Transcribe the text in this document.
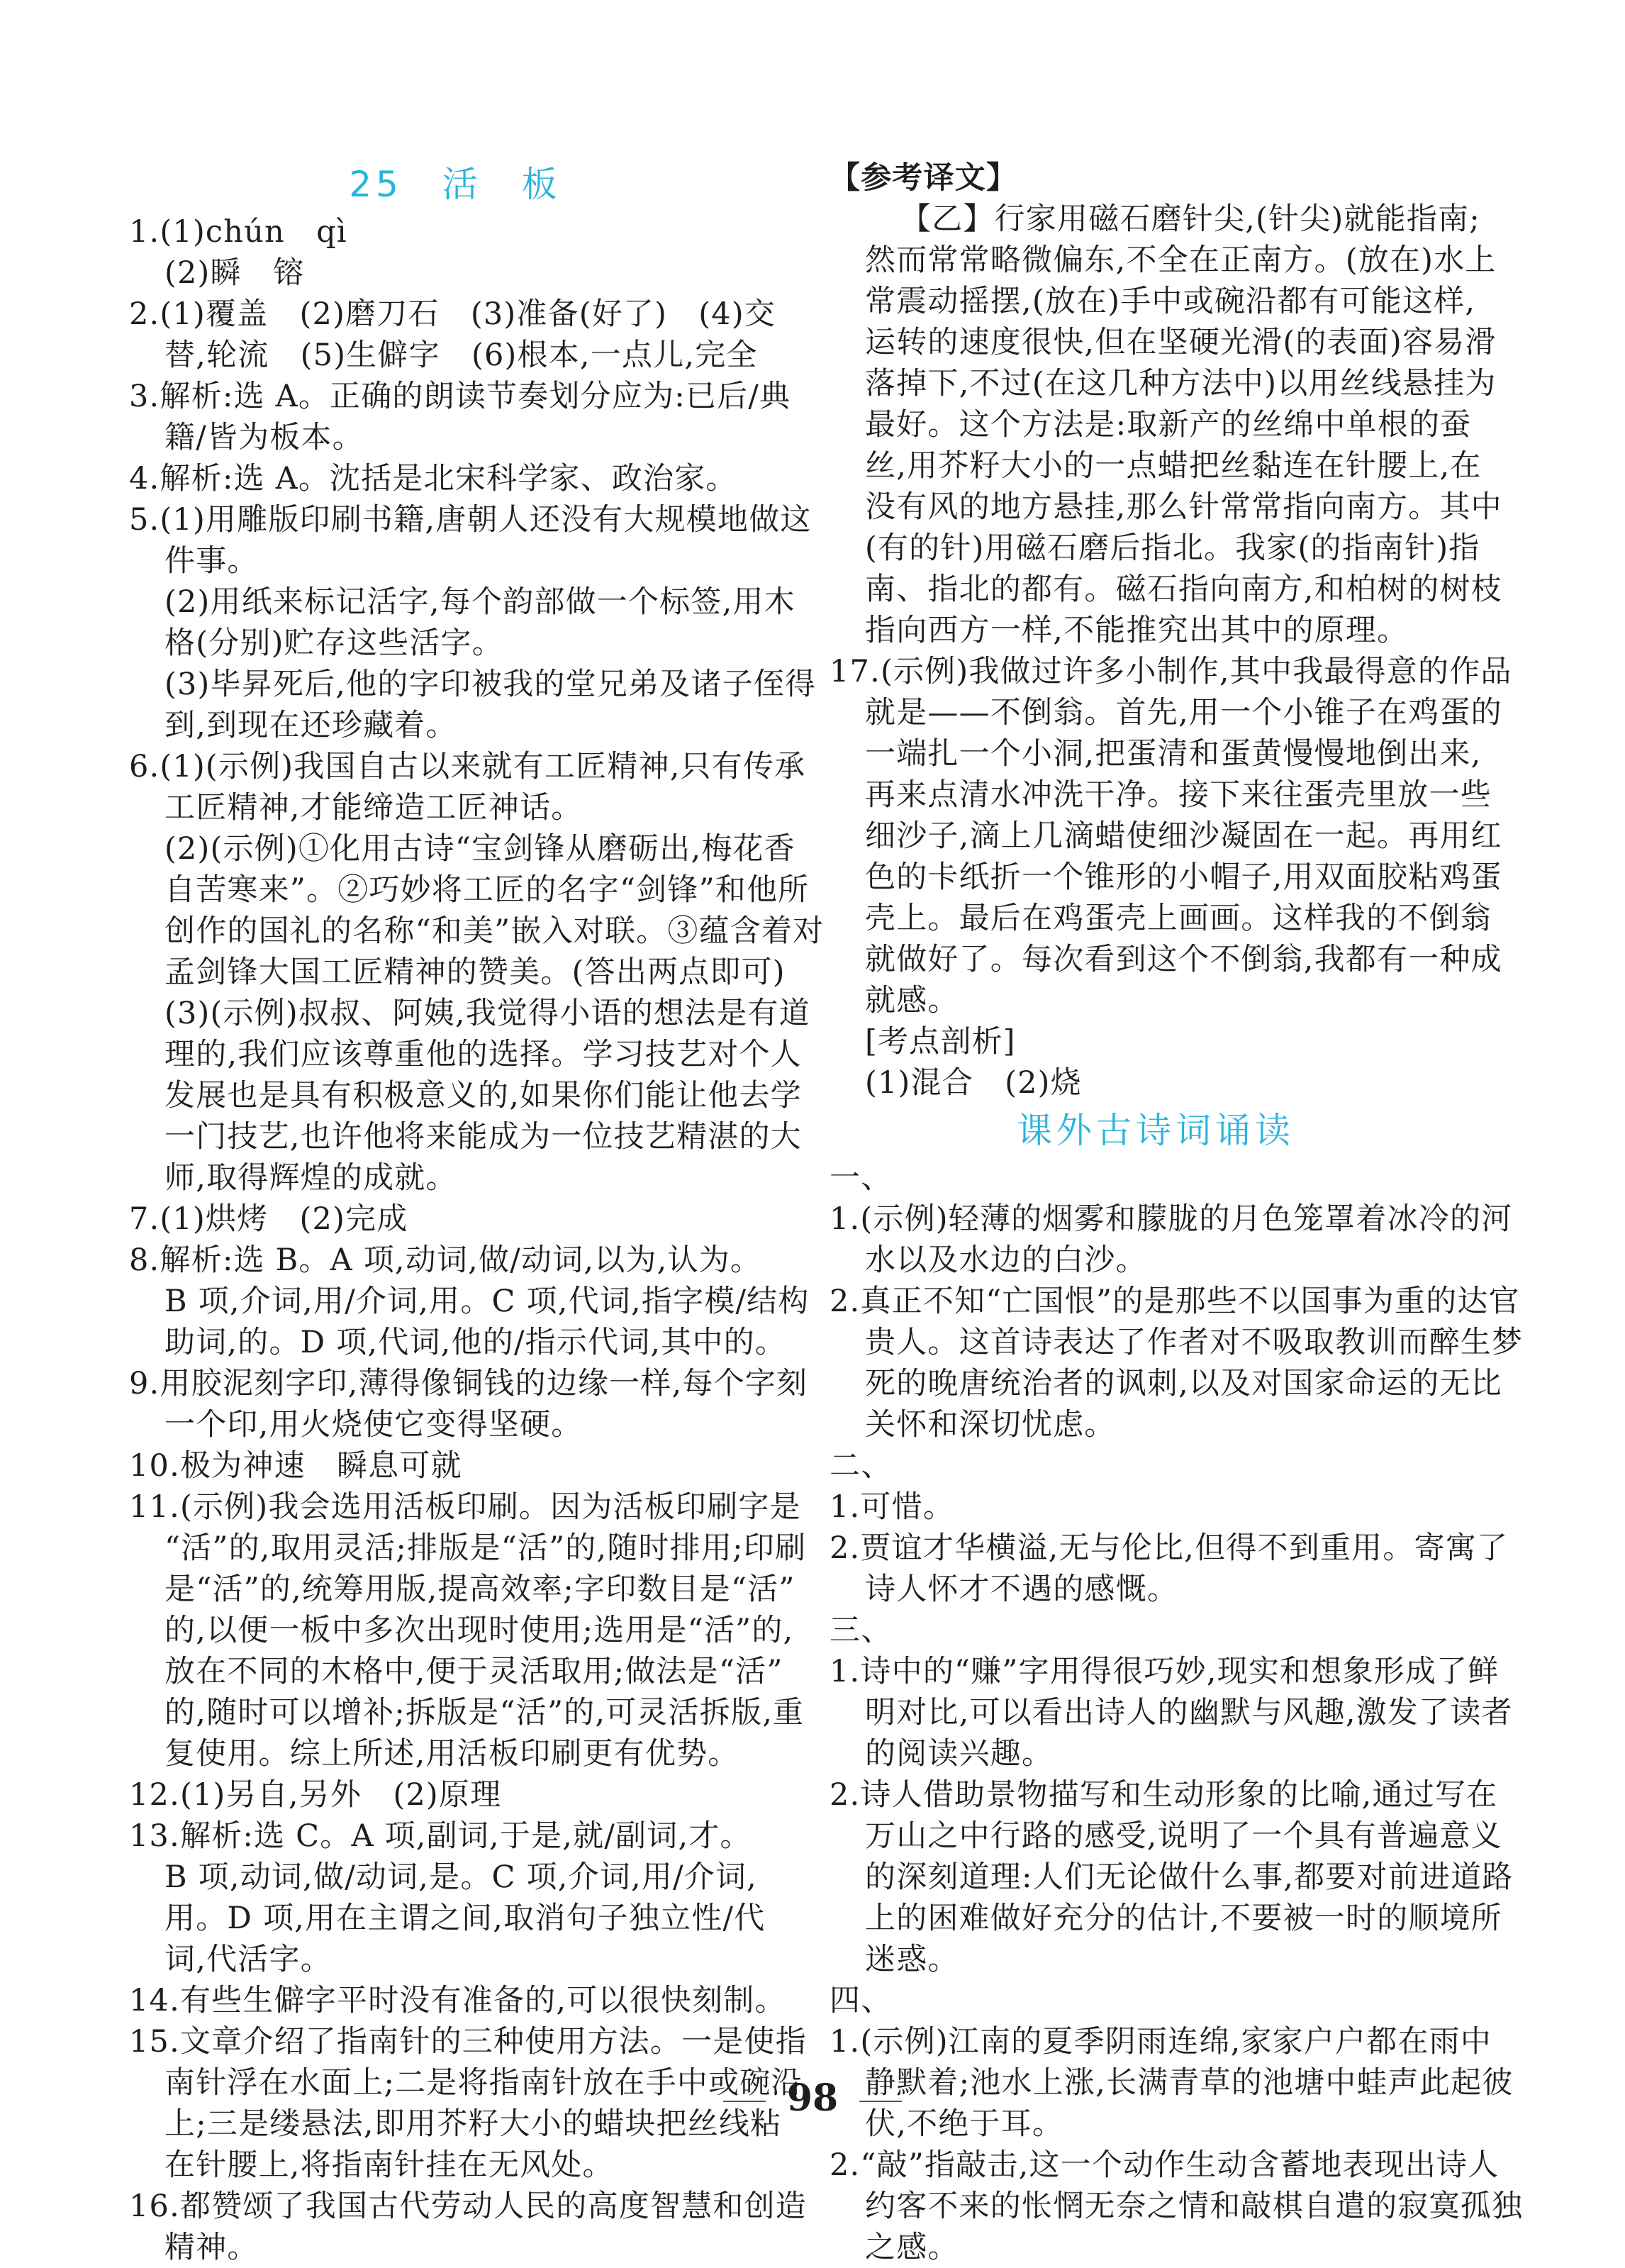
25　活　板
1.(1)chún　qì
(2)瞬　镕
2.(1)覆盖　(2)磨刀石　(3)准备(好了)　(4)交
替,轮流　(5)生僻字　(6)根本,一点儿,完全
3.解析:选 A。正确的朗读节奏划分应为:已后/典
籍/皆为板本。
4.解析:选 A。沈括是北宋科学家、政治家。
5.(1)用雕版印刷书籍,唐朝人还没有大规模地做这
件事。
(2)用纸来标记活字,每个韵部做一个标签,用木
格(分别)贮存这些活字。
(3)毕昇死后,他的字印被我的堂兄弟及诸子侄得
到,到现在还珍藏着。
6.(1)(示例)我国自古以来就有工匠精神,只有传承
工匠精神,才能缔造工匠神话。
(2)(示例)①化用古诗“宝剑锋从磨砺出,梅花香
自苦寒来”。②巧妙将工匠的名字“剑锋”和他所
创作的国礼的名称“和美”嵌入对联。③蕴含着对
孟剑锋大国工匠精神的赞美。(答出两点即可)
(3)(示例)叔叔、阿姨,我觉得小语的想法是有道
理的,我们应该尊重他的选择。学习技艺对个人
发展也是具有积极意义的,如果你们能让他去学
一门技艺,也许他将来能成为一位技艺精湛的大
师,取得辉煌的成就。
7.(1)烘烤　(2)完成
8.解析:选 B。A 项,动词,做/动词,以为,认为。
B 项,介词,用/介词,用。C 项,代词,指字模/结构
助词,的。D 项,代词,他的/指示代词,其中的。
9.用胶泥刻字印,薄得像铜钱的边缘一样,每个字刻
一个印,用火烧使它变得坚硬。
10.极为神速　瞬息可就
11.(示例)我会选用活板印刷。因为活板印刷字是
“活”的,取用灵活;排版是“活”的,随时排用;印刷
是“活”的,统筹用版,提高效率;字印数目是“活”
的,以便一板中多次出现时使用;选用是“活”的,
放在不同的木格中,便于灵活取用;做法是“活”
的,随时可以增补;拆版是“活”的,可灵活拆版,重
复使用。综上所述,用活板印刷更有优势。
12.(1)另自,另外　(2)原理
13.解析:选 C。A 项,副词,于是,就/副词,才。
B 项,动词,做/动词,是。C 项,介词,用/介词,
用。D 项,用在主谓之间,取消句子独立性/代
词,代活字。
14.有些生僻字平时没有准备的,可以很快刻制。
15.文章介绍了指南针的三种使用方法。一是使指
南针浮在水面上;二是将指南针放在手中或碗沿
上;三是缕悬法,即用芥籽大小的蜡块把丝线粘
在针腰上,将指南针挂在无风处。
16.都赞颂了我国古代劳动人民的高度智慧和创造
精神。
【参考译文】
【乙】行家用磁石磨针尖,(针尖)就能指南;
然而常常略微偏东,不全在正南方。(放在)水上
常震动摇摆,(放在)手中或碗沿都有可能这样,
运转的速度很快,但在坚硬光滑(的表面)容易滑
落掉下,不过(在这几种方法中)以用丝线悬挂为
最好。这个方法是:取新产的丝绵中单根的蚕
丝,用芥籽大小的一点蜡把丝黏连在针腰上,在
没有风的地方悬挂,那么针常常指向南方。其中
(有的针)用磁石磨后指北。我家(的指南针)指
南、指北的都有。磁石指向南方,和柏树的树枝
指向西方一样,不能推究出其中的原理。
17.(示例)我做过许多小制作,其中我最得意的作品
就是——不倒翁。首先,用一个小锥子在鸡蛋的
一端扎一个小洞,把蛋清和蛋黄慢慢地倒出来,
再来点清水冲洗干净。接下来往蛋壳里放一些
细沙子,滴上几滴蜡使细沙凝固在一起。再用红
色的卡纸折一个锥形的小帽子,用双面胶粘鸡蛋
壳上。最后在鸡蛋壳上画画。这样我的不倒翁
就做好了。每次看到这个不倒翁,我都有一种成
就感。
[考点剖析]
(1)混合　(2)烧
课外古诗词诵读
一、
1.(示例)轻薄的烟雾和朦胧的月色笼罩着冰冷的河
水以及水边的白沙。
2.真正不知“亡国恨”的是那些不以国事为重的达官
贵人。这首诗表达了作者对不吸取教训而醉生梦
死的晚唐统治者的讽刺,以及对国家命运的无比
关怀和深切忧虑。
二、
1.可惜。
2.贾谊才华横溢,无与伦比,但得不到重用。寄寓了
诗人怀才不遇的感慨。
三、
1.诗中的“赚”字用得很巧妙,现实和想象形成了鲜
明对比,可以看出诗人的幽默与风趣,激发了读者
的阅读兴趣。
2.诗人借助景物描写和生动形象的比喻,通过写在
万山之中行路的感受,说明了一个具有普遍意义
的深刻道理:人们无论做什么事,都要对前进道路
上的困难做好充分的估计,不要被一时的顺境所
迷惑。
四、
1.(示例)江南的夏季阴雨连绵,家家户户都在雨中
静默着;池水上涨,长满青草的池塘中蛙声此起彼
伏,不绝于耳。
2.“敲”指敲击,这一个动作生动含蓄地表现出诗人
约客不来的怅惘无奈之情和敲棋自遣的寂寞孤独
之感。
98
